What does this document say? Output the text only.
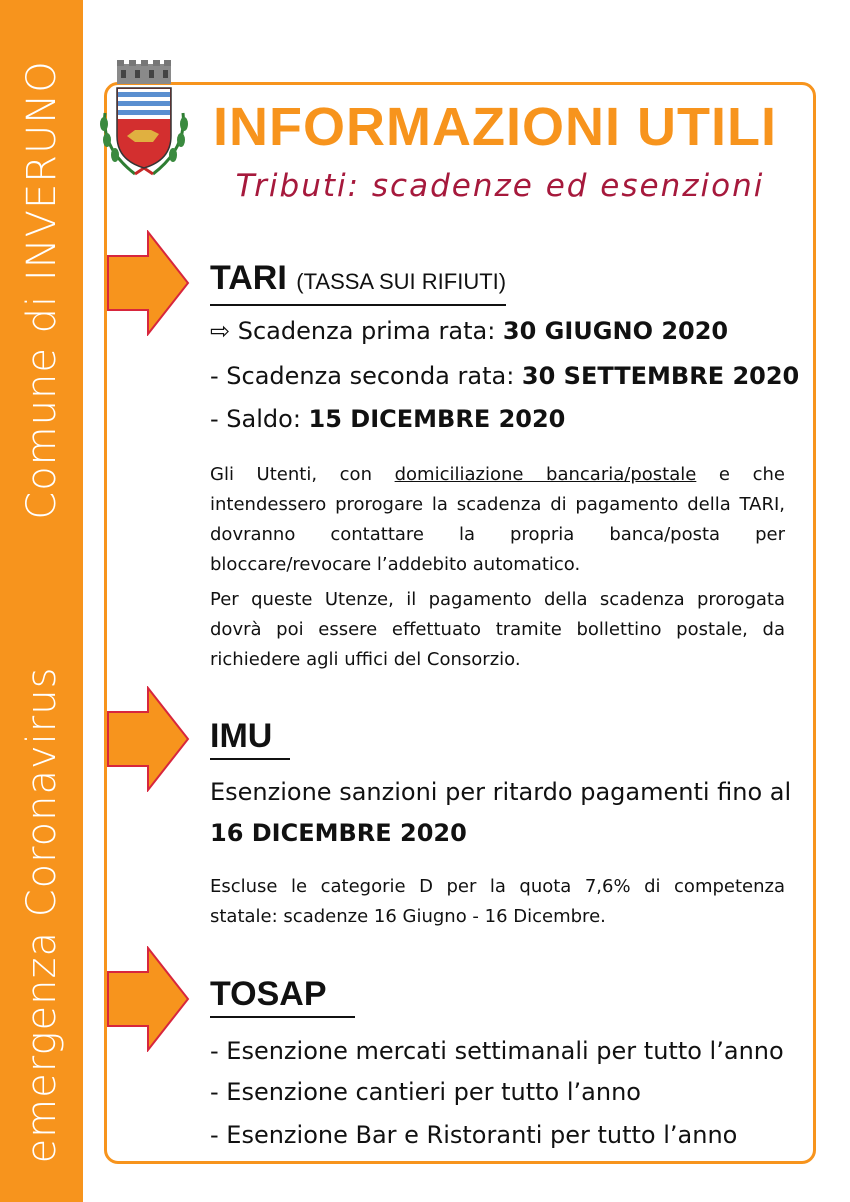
Comune di INVERUNO
emergenza Coronavirus
INFORMAZIONI UTILI
Tributi: scadenze ed esenzioni
TARI (TASSA SUI RIFIUTI)
⇨ Scadenza prima rata: 30 GIUGNO 2020
- Scadenza seconda rata: 30 SETTEMBRE 2020
- Saldo: 15 DICEMBRE 2020

Gli Utenti, con domiciliazione bancaria/postale e che intendessero prorogare la scadenza di pagamento della TARI, dovranno contattare la propria banca/posta per bloccare/revocare l’addebito automatico.

Per queste Utenze, il pagamento della scadenza prorogata dovrà poi essere effettuato tramite bollettino postale, da richiedere agli uffici del Consorzio.

IMU
Esenzione sanzioni per ritardo pagamenti fino al
16 DICEMBRE 2020

Escluse le categorie D per la quota 7,6% di competenza statale: scadenze 16 Giugno - 16 Dicembre.

TOSAP
- Esenzione mercati settimanali per tutto l’anno
- Esenzione cantieri per tutto l’anno
- Esenzione Bar e Ristoranti per tutto l’anno
